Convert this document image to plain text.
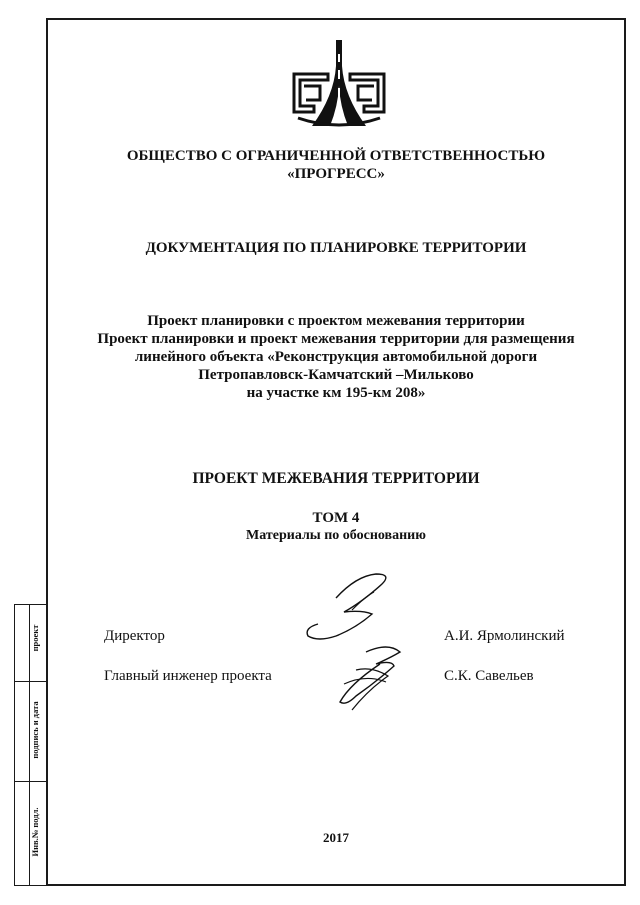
проект
подпись и дата
Инв.№ подл.
ОБЩЕСТВО С ОГРАНИЧЕННОЙ ОТВЕТСТВЕННОСТЬЮ
«ПРОГРЕСС»
ДОКУМЕНТАЦИЯ ПО ПЛАНИРОВКЕ ТЕРРИТОРИИ
Проект планировки с проектом межевания территории
Проект планировки и проект межевания территории для размещения
линейного объекта «Реконструкция автомобильной дороги
Петропавловск-Камчатский –Мильково
на участке км 195-км 208»
ПРОЕКТ МЕЖЕВАНИЯ ТЕРРИТОРИИ
ТОМ 4
Материалы по обоснованию
Директор	А.И. Ярмолинский
Главный инженер проекта	С.К. Савельев
2017
